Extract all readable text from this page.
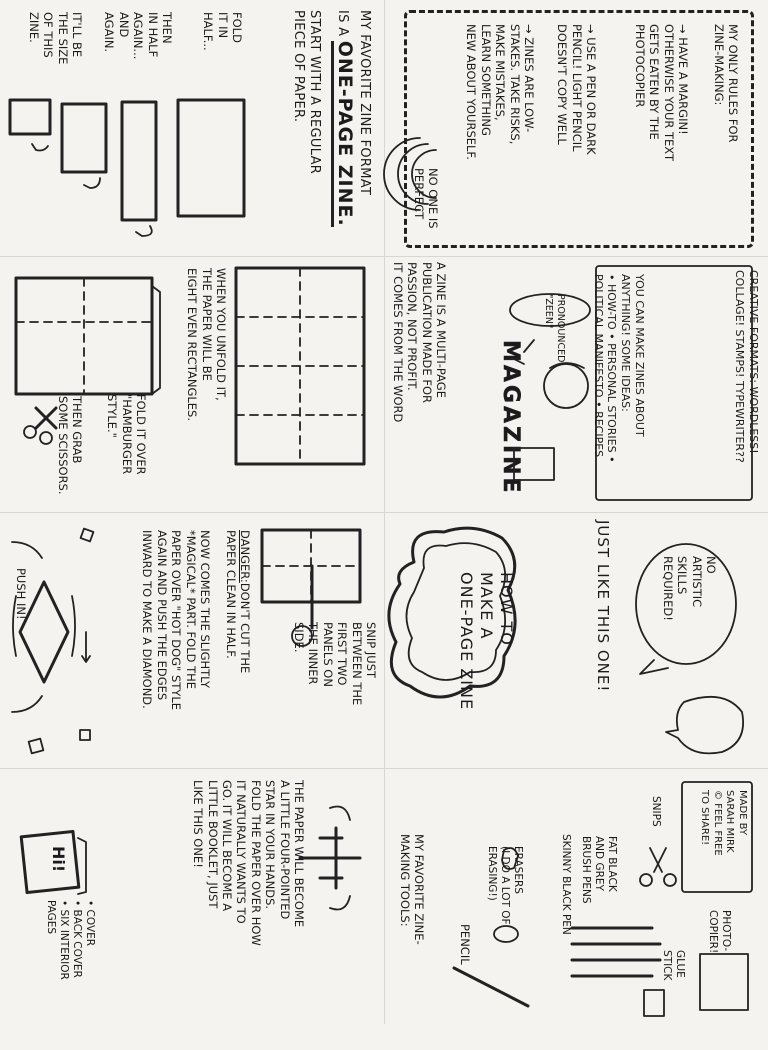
MY FAVORITE ZINE FORMAT
IS A ONE-PAGE ZINE.
START WITH A REGULAR
PIECE OF PAPER.
FOLD
IT IN
HALF...
THEN
IN HALF
AGAIN...
AND
AGAIN.
IT'LL BE
THE SIZE
OF THIS
ZINE.	MY ONLY RULES FOR
ZINE-MAKING:
→ HAVE A MARGIN!
OTHERWISE YOUR TEXT
GETS EATEN BY THE
PHOTOCOPIER
→ USE A PEN OR DARK
PENCIL! LIGHT PENCIL
DOESN'T COPY WELL
→ ZINES ARE LOW-
STAKES. TAKE RISKS,
MAKE MISTAKES,
LEARN SOMETHING
NEW ABOUT YOURSELF.
NO ONE IS PERFECT
WHEN YOU UNFOLD IT,
THE PAPER WILL BE
EIGHT EVEN RECTANGLES.
FOLD IT OVER
"HAMBURGER
STYLE."
THEN GRAB
SOME SCISSORS.
A ZINE IS A MULTI-PAGE
PUBLICATION MADE FOR
PASSION, NOT PROFIT.
IT COMES FROM THE WORD	MAGAZINE
PRONOUNCED
"ZEEN"	YOU CAN MAKE ZINES ABOUT
ANYTHING! SOME IDEAS:
• HOW-TO • PERSONAL STORIES •
POLITICAL MANIFESTO • RECIPES	CREATIVE FORMATS: WORDLESS!
COLLAGE! STAMPS! TYPEWRITER??
SNIP JUST
BETWEEN THE
FIRST TWO
PANELS ON
THE INNER
SIDE.
DANGER:DON'T CUT THE
PAPER CLEAN IN HALF.
NOW COMES THE SLIGHTLY
*MAGICAL* PART. FOLD THE
PAPER OVER "HOT DOG" STYLE
AGAIN AND PUSH THE EDGES
INWARD TO MAKE A DIAMOND.
PUSH IN!	HOW TO
MAKE A
ONE-PAGE ZINE	JUST LIKE THIS ONE!	NO
ARTISTIC
SKILLS
REQUIRED!
THE PAPER WILL BECOME
A LITTLE FOUR-POINTED
STAR IN YOUR HANDS.
FOLD THE PAPER OVER HOW
IT NATURALLY WANTS TO
GO. IT WILL BECOME A
LITTLE BOOKLET, JUST
LIKE THIS ONE!
Hi!
• COVER
• BACK COVER
• SIX INTERIOR
PAGES	MY FAVORITE ZINE-
MAKING TOOLS:
PENCIL
ERASERS
(I DO A LOT OF
ERASING!)	SKINNY BLACK PEN	FAT BLACK
AND GREY
BRUSH PENS
SNIPS
GLUE
STICK
PHOTO-
COPIER!
MADE BY
SARAH MIRK
© FEEL FREE
TO SHARE!
